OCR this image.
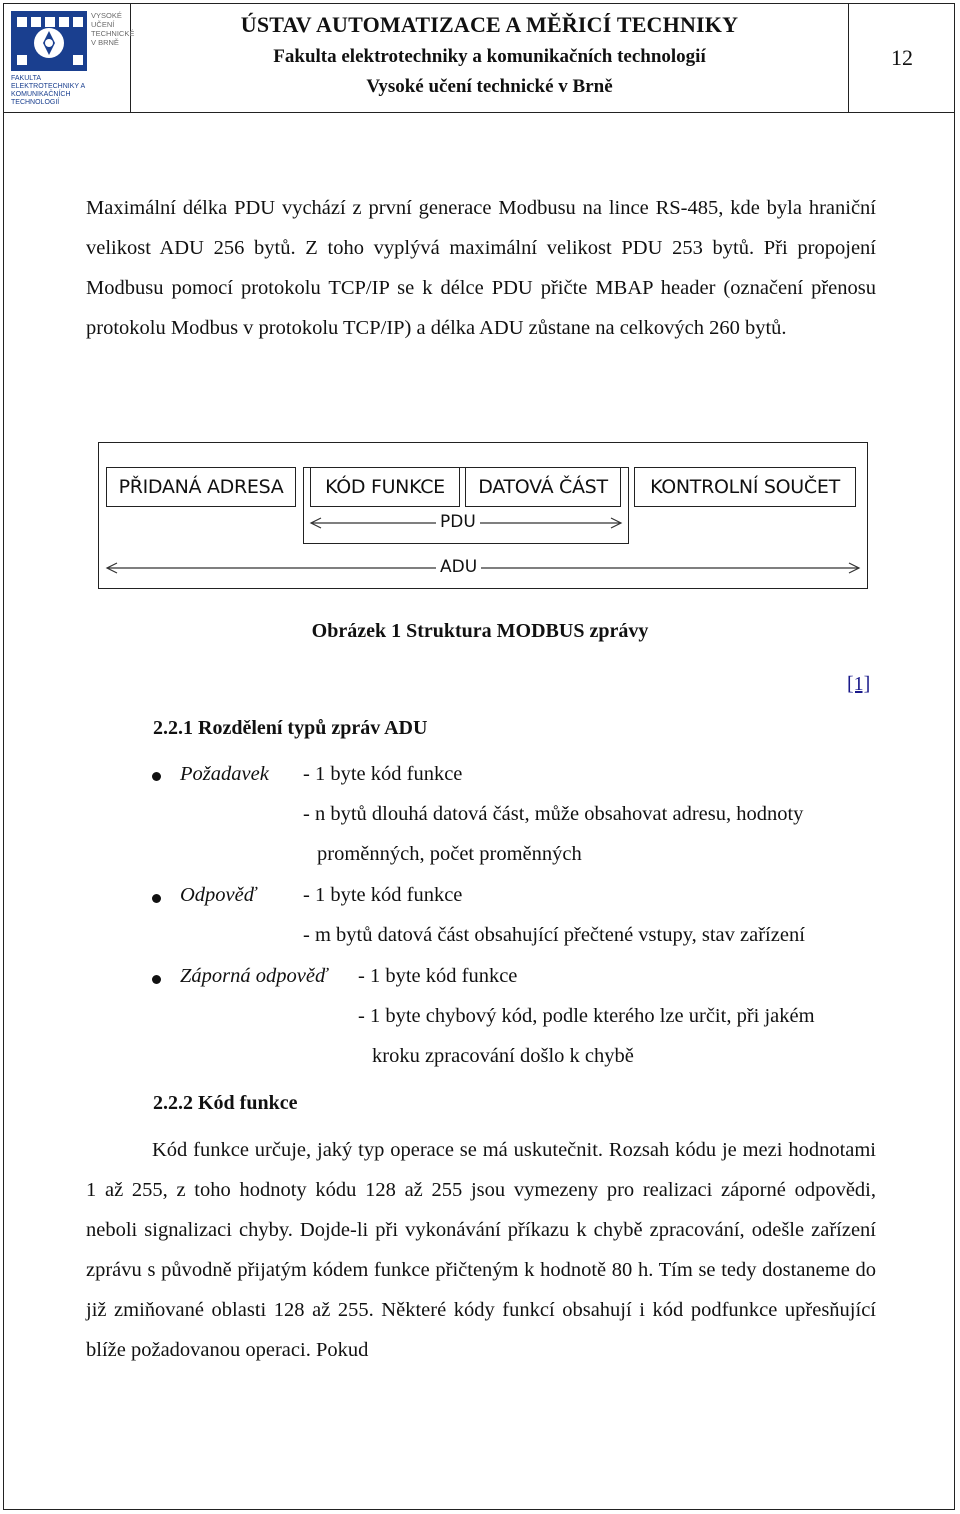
VYSOKÉ UČENÍ TECHNICKÉ V BRNĚ
FAKULTA ELEKTROTECHNIKY A KOMUNIKAČNÍCH TECHNOLOGIÍ
ÚSTAV AUTOMATIZACE A MĚŘICÍ TECHNIKY
Fakulta elektrotechniky a komunikačních technologií
Vysoké učení technické v Brně
12
Maximální délka PDU vychází z první generace Modbusu na lince RS-485, kde byla hraniční velikost ADU 256 bytů. Z toho vyplývá maximální velikost PDU 253 bytů. Při propojení Modbusu pomocí protokolu TCP/IP se k délce PDU přičte MBAP header (označení přenosu protokolu Modbus v protokolu TCP/IP) a délka ADU zůstane na celkových 260 bytů.
PŘIDANÁ ADRESA	KÓD FUNKCE	DATOVÁ ČÁST	KONTROLNÍ SOUČET
PDU
ADU
Obrázek 1 Struktura MODBUS zprávy
[1]
2.2.1 Rozdělení typů zpráv ADU
Požadavek - 1 byte kód funkce
- n bytů dlouhá datová část, může obsahovat adresu, hodnoty
proměnných, počet proměnných
Odpověď - 1 byte kód funkce
- m bytů datová část obsahující přečtené vstupy, stav zařízení
Záporná odpověď - 1 byte kód funkce
- 1 byte chybový kód, podle kterého lze určit, při jakém
kroku zpracování došlo k chybě
2.2.2 Kód funkce
Kód funkce určuje, jaký typ operace se má uskutečnit. Rozsah kódu je mezi hodnotami 1 až 255, z toho hodnoty kódu 128 až 255 jsou vymezeny pro realizaci záporné odpovědi, neboli signalizaci chyby. Dojde-li při vykonávání příkazu k chybě zpracování, odešle zařízení zprávu s původně přijatým kódem funkce přičteným k hodnotě 80 h. Tím se tedy dostaneme do již zmiňované oblasti 128 až 255. Některé kódy funkcí obsahují i kód podfunkce upřesňující blíže požadovanou operaci. Pokud
